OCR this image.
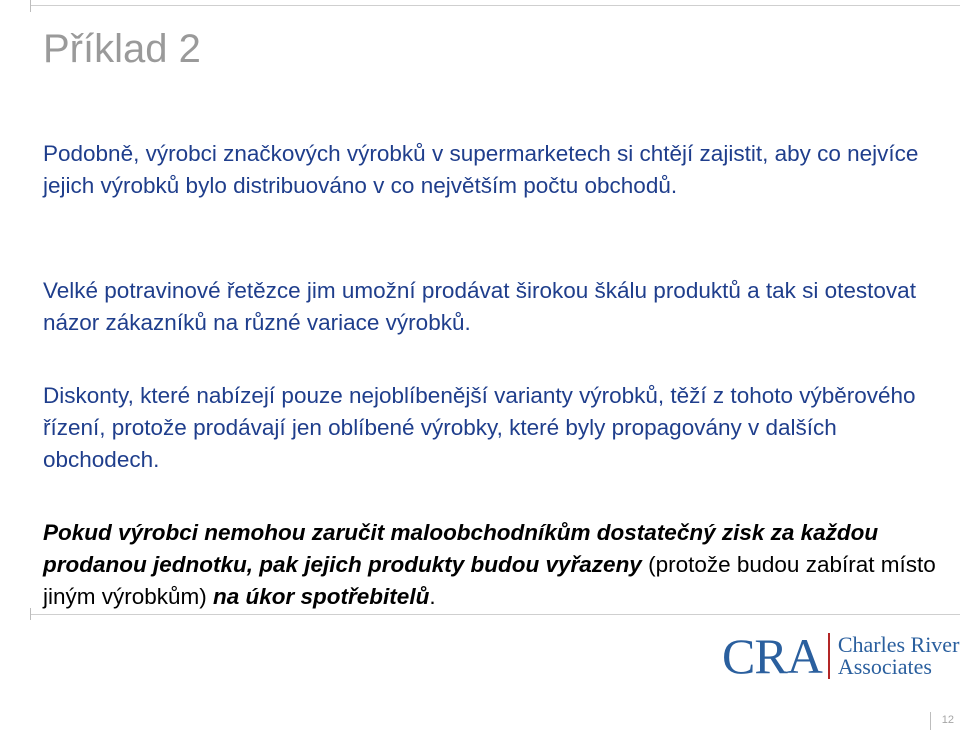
Příklad 2

Podobně, výrobci značkových výrobků v supermarketech si chtějí zajistit, aby co nejvíce jejich výrobků bylo distribuováno v co největším počtu obchodů.

Velké potravinové řetězce jim umožní prodávat širokou škálu produktů a tak si otestovat názor zákazníků na různé variace výrobků.

Diskonty, které nabízejí pouze nejoblíbenější varianty výrobků, těží z tohoto výběrového řízení, protože prodávají jen oblíbené výrobky, které byly propagovány v dalších obchodech.

Pokud výrobci nemohou zaručit maloobchodníkům dostatečný zisk za každou prodanou jednotku, pak jejich produkty budou vyřazeny (protože budou zabírat místo jiným výrobkům) na úkor spotřebitelů.

CRA Charles River
Associates
12
